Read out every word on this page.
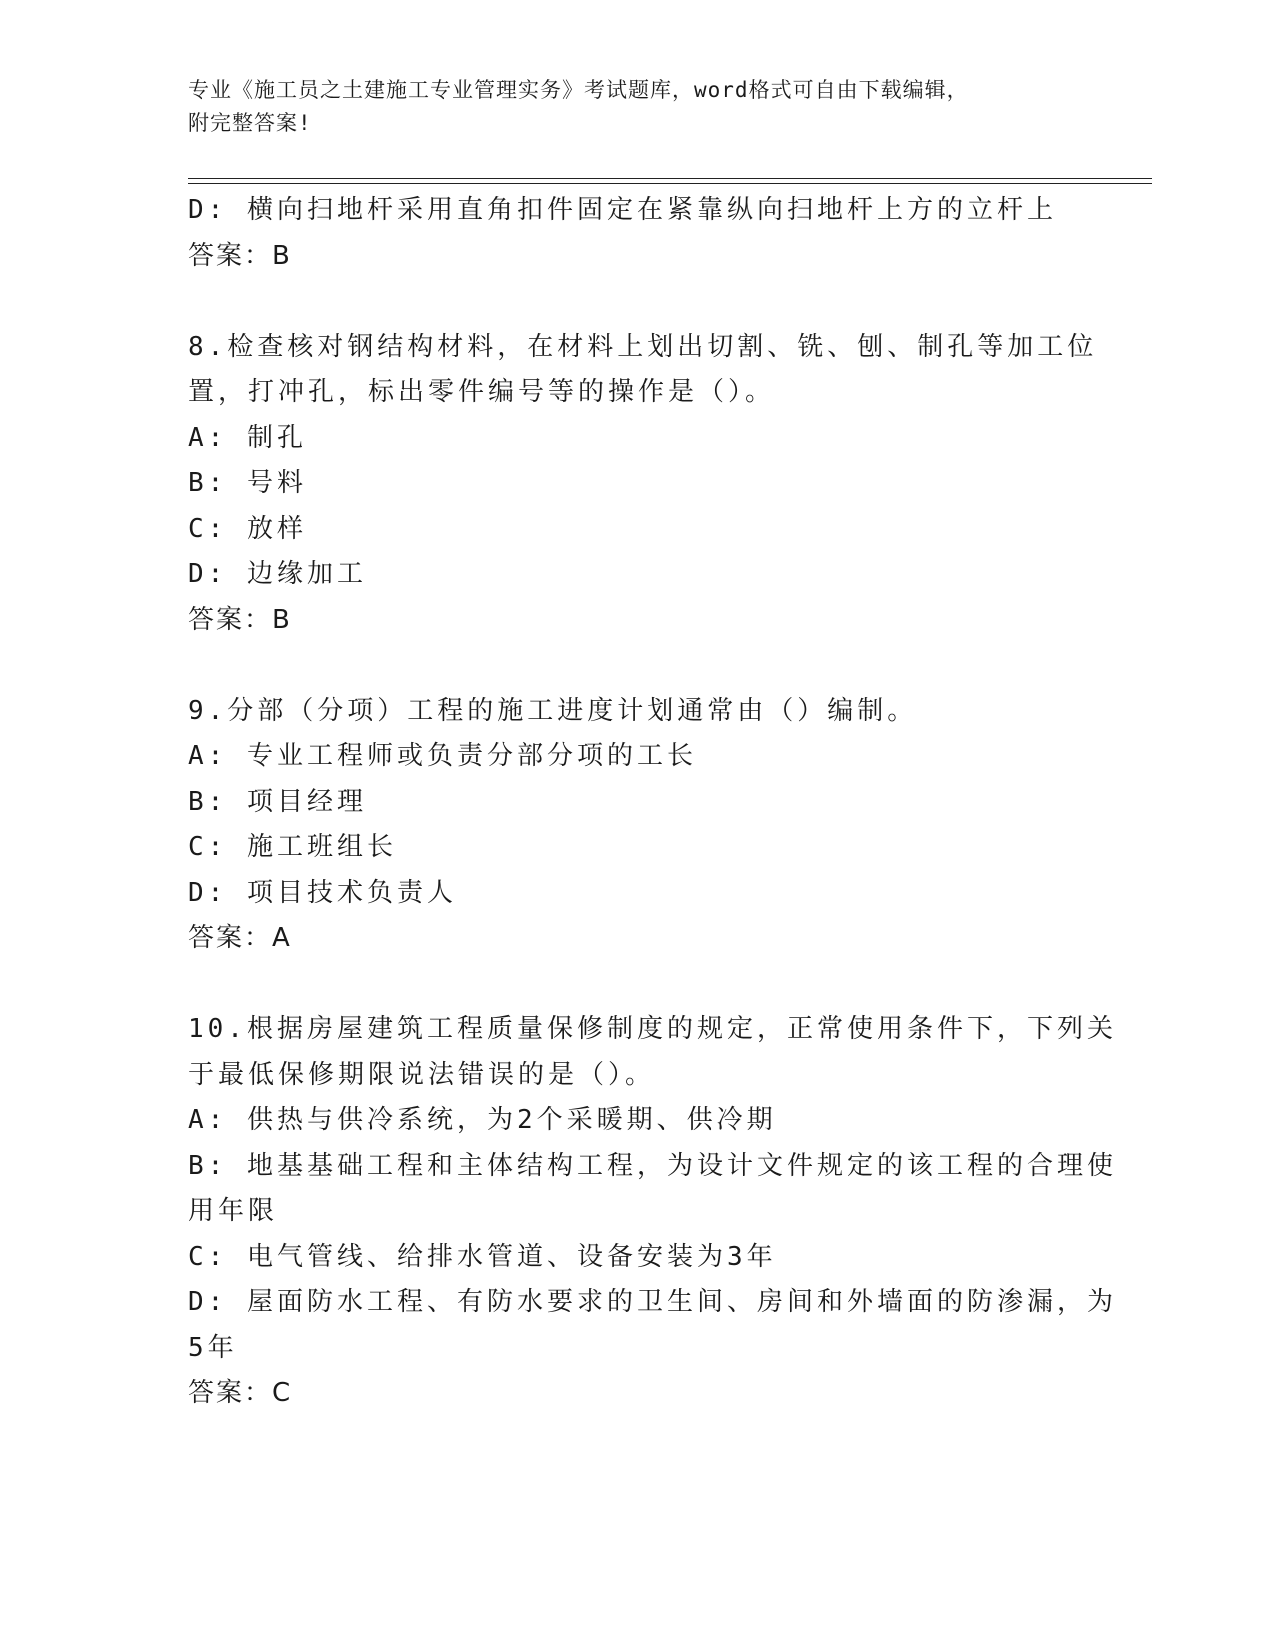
专业《施工员之土建施工专业管理实务》考试题库，word格式可自由下载编辑，
附完整答案!
D: 横向扫地杆采用直角扣件固定在紧靠纵向扫地杆上方的立杆上
答案：B
8.检查核对钢结构材料，在材料上划出切割、铣、刨、制孔等加工位
置，打冲孔，标出零件编号等的操作是（）。
A: 制孔
B: 号料
C: 放样
D: 边缘加工
答案：B
9.分部（分项）工程的施工进度计划通常由（）编制。
A: 专业工程师或负责分部分项的工长
B: 项目经理
C: 施工班组长
D: 项目技术负责人
答案：A
10.根据房屋建筑工程质量保修制度的规定，正常使用条件下，下列关
于最低保修期限说法错误的是（）。
A: 供热与供冷系统，为2个采暖期、供冷期
B: 地基基础工程和主体结构工程，为设计文件规定的该工程的合理使
用年限
C: 电气管线、给排水管道、设备安装为3年
D: 屋面防水工程、有防水要求的卫生间、房间和外墙面的防渗漏，为
5年
答案：C
